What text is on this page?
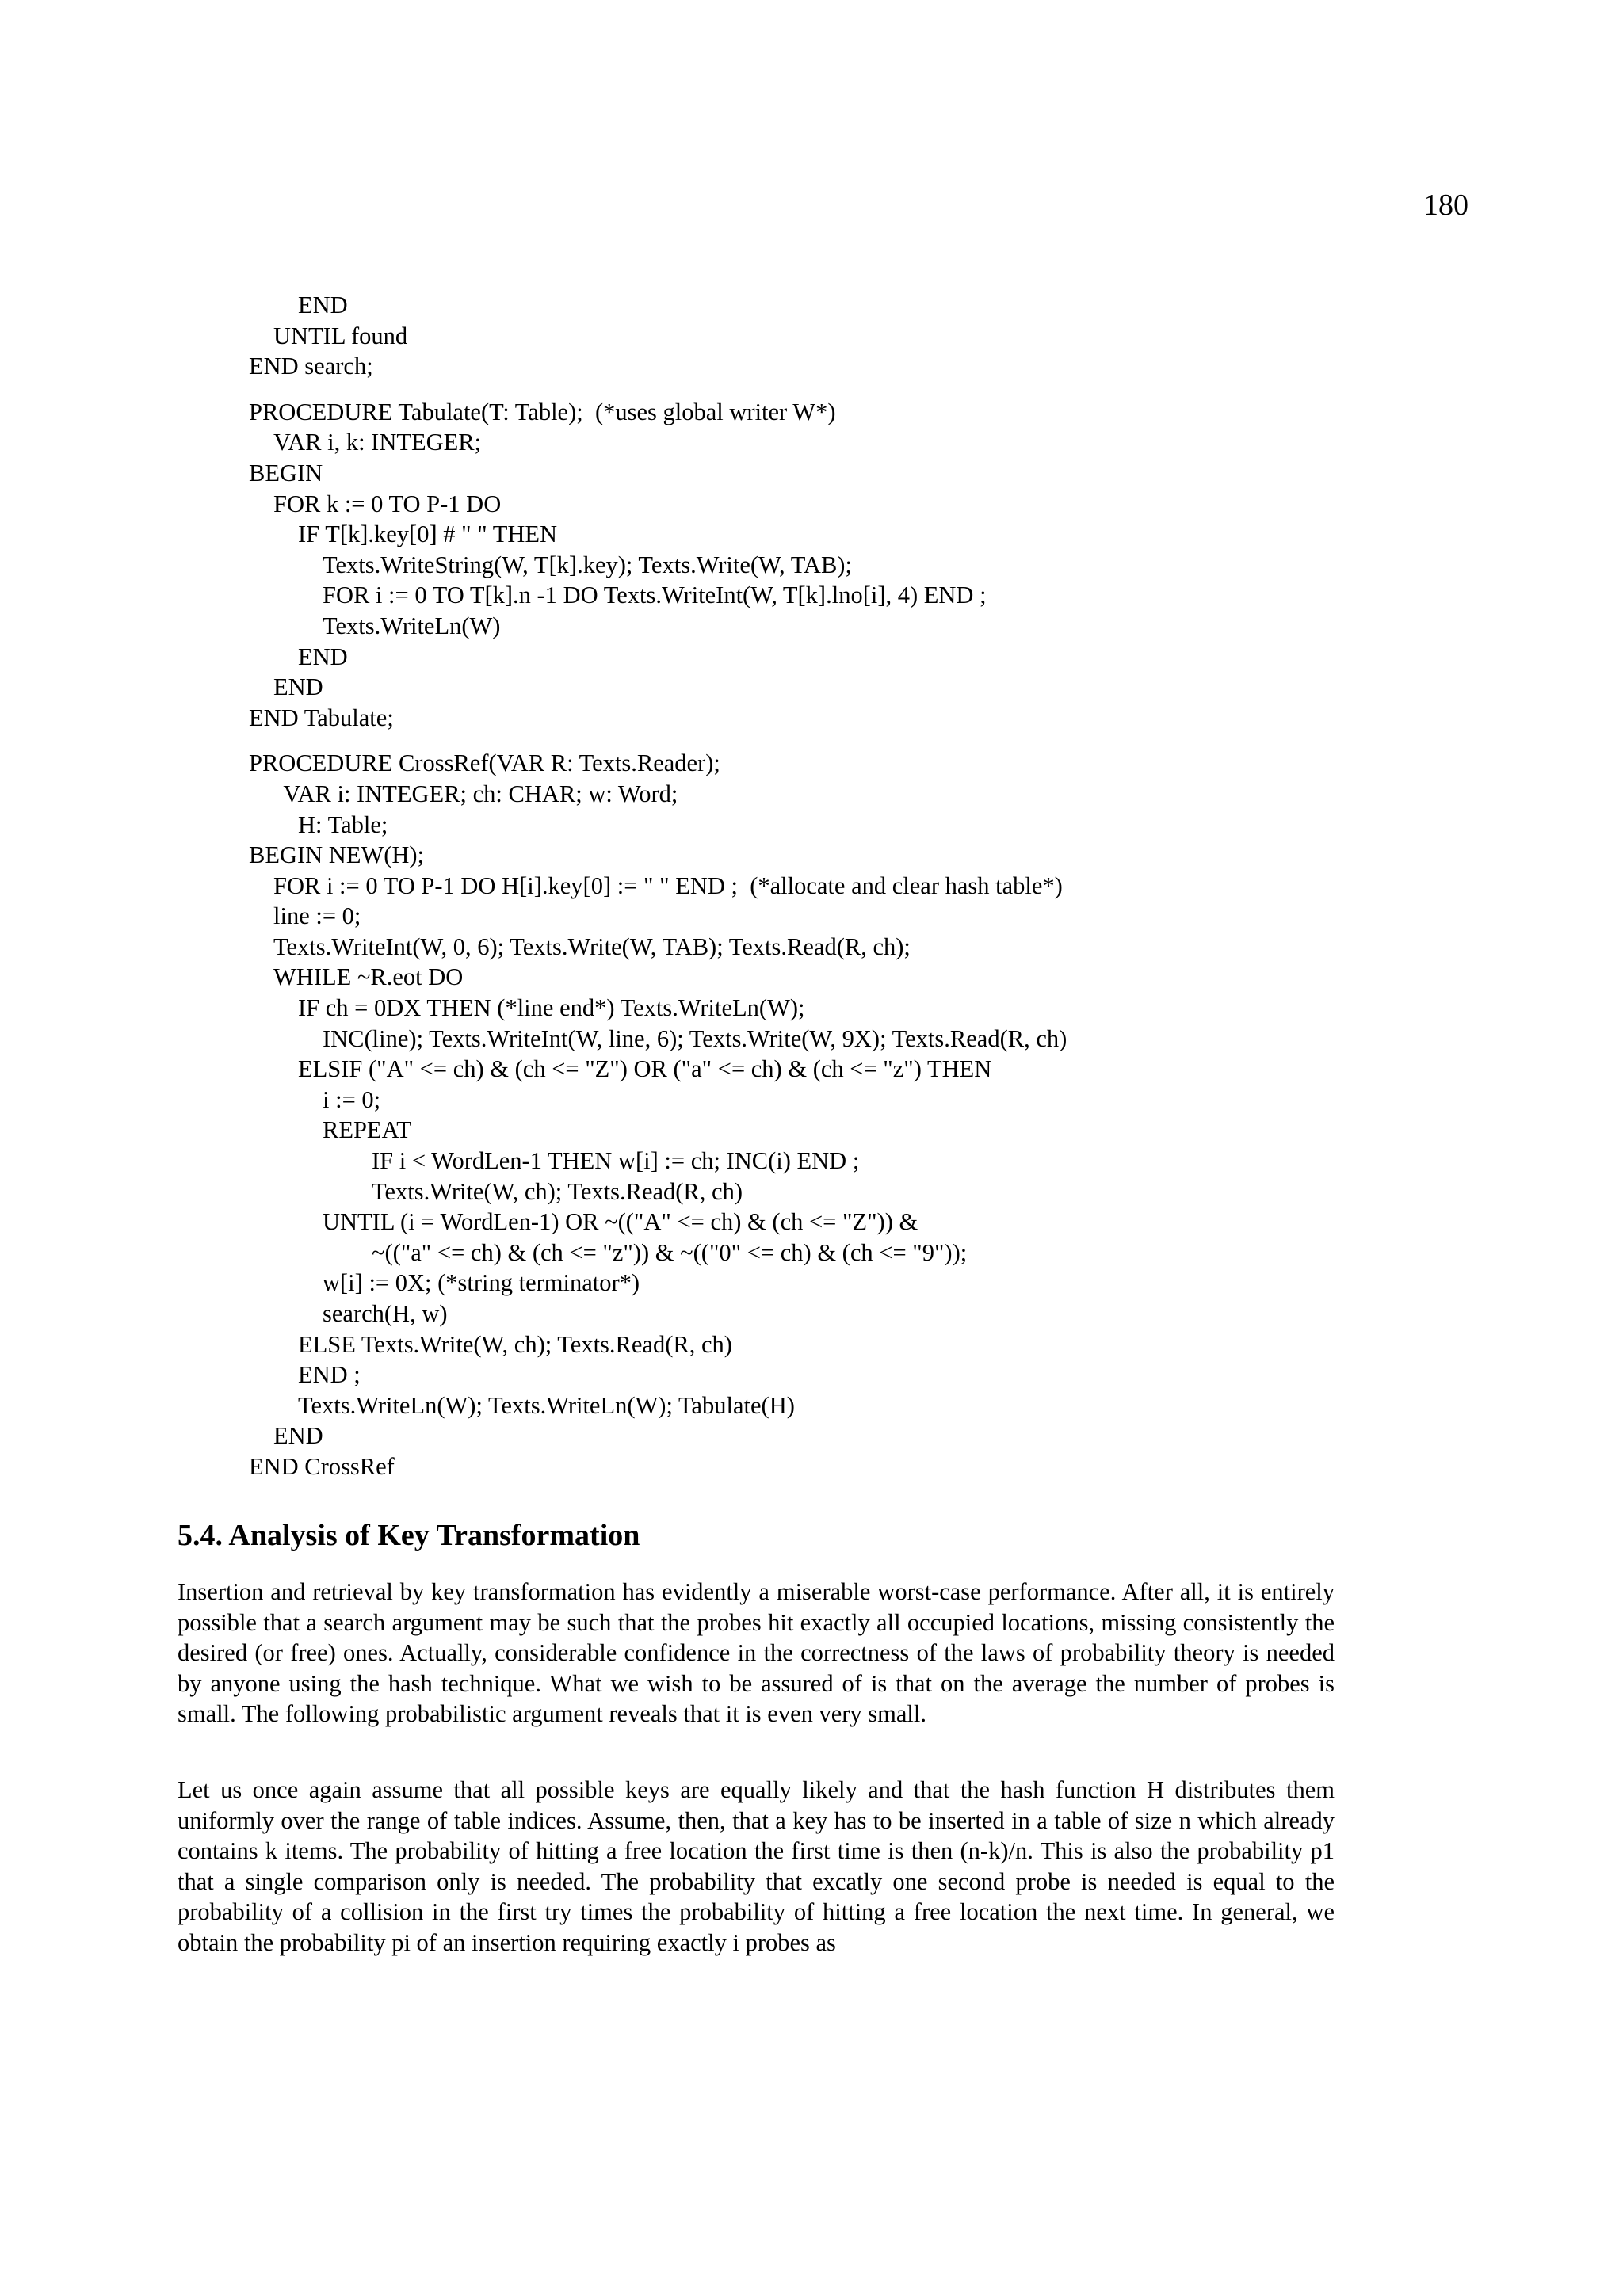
180
END
UNTIL found
END search;
PROCEDURE Tabulate(T: Table);  (*uses global writer W*)
VAR i, k: INTEGER;
BEGIN
FOR k := 0 TO P-1 DO
IF T[k].key[0] # " " THEN
Texts.WriteString(W, T[k].key); Texts.Write(W, TAB);
FOR i := 0 TO T[k].n -1 DO Texts.WriteInt(W, T[k].lno[i], 4) END ;
Texts.WriteLn(W)
END
END
END Tabulate;
PROCEDURE CrossRef(VAR R: Texts.Reader);
VAR i: INTEGER; ch: CHAR; w: Word;
H: Table;
BEGIN NEW(H);
FOR i := 0 TO P-1 DO H[i].key[0] := " " END ;  (*allocate and clear hash table*)
line := 0;
Texts.WriteInt(W, 0, 6); Texts.Write(W, TAB); Texts.Read(R, ch);
WHILE ~R.eot DO
IF ch = 0DX THEN (*line end*) Texts.WriteLn(W);
INC(line); Texts.WriteInt(W, line, 6); Texts.Write(W, 9X); Texts.Read(R, ch)
ELSIF ("A" <= ch) & (ch <= "Z") OR ("a" <= ch) & (ch <= "z") THEN
i := 0;
REPEAT
IF i < WordLen-1 THEN w[i] := ch; INC(i) END ;
Texts.Write(W, ch); Texts.Read(R, ch)
UNTIL (i = WordLen-1) OR ~(("A" <= ch) & (ch <= "Z")) &
~(("a" <= ch) & (ch <= "z")) & ~(("0" <= ch) & (ch <= "9"));
w[i] := 0X; (*string terminator*)
search(H, w)
ELSE Texts.Write(W, ch); Texts.Read(R, ch)
END ;
Texts.WriteLn(W); Texts.WriteLn(W); Tabulate(H)
END
END CrossRef
5.4. Analysis of Key Transformation

Insertion and retrieval by key transformation has evidently a miserable worst-case performance. After all, it is entirely possible that a search argument may be such that the probes hit exactly all occupied locations, missing consistently the desired (or free) ones. Actually, considerable confidence in the correctness of the laws of probability theory is needed by anyone using the hash technique. What we wish to be assured of is that on the average the number of probes is small. The following probabilistic argument reveals that it is even very small.

Let us once again assume that all possible keys are equally likely and that the hash function H distributes them uniformly over the range of table indices. Assume, then, that a key has to be inserted in a table of size n which already contains k items. The probability of hitting a free location the first time is then (n-k)/n. This is also the probability p1 that a single comparison only is needed. The probability that excatly one second probe is needed is equal to the probability of a collision in the first try times the probability of hitting a free location the next time. In general, we obtain the probability pi of an insertion requiring exactly i probes as
